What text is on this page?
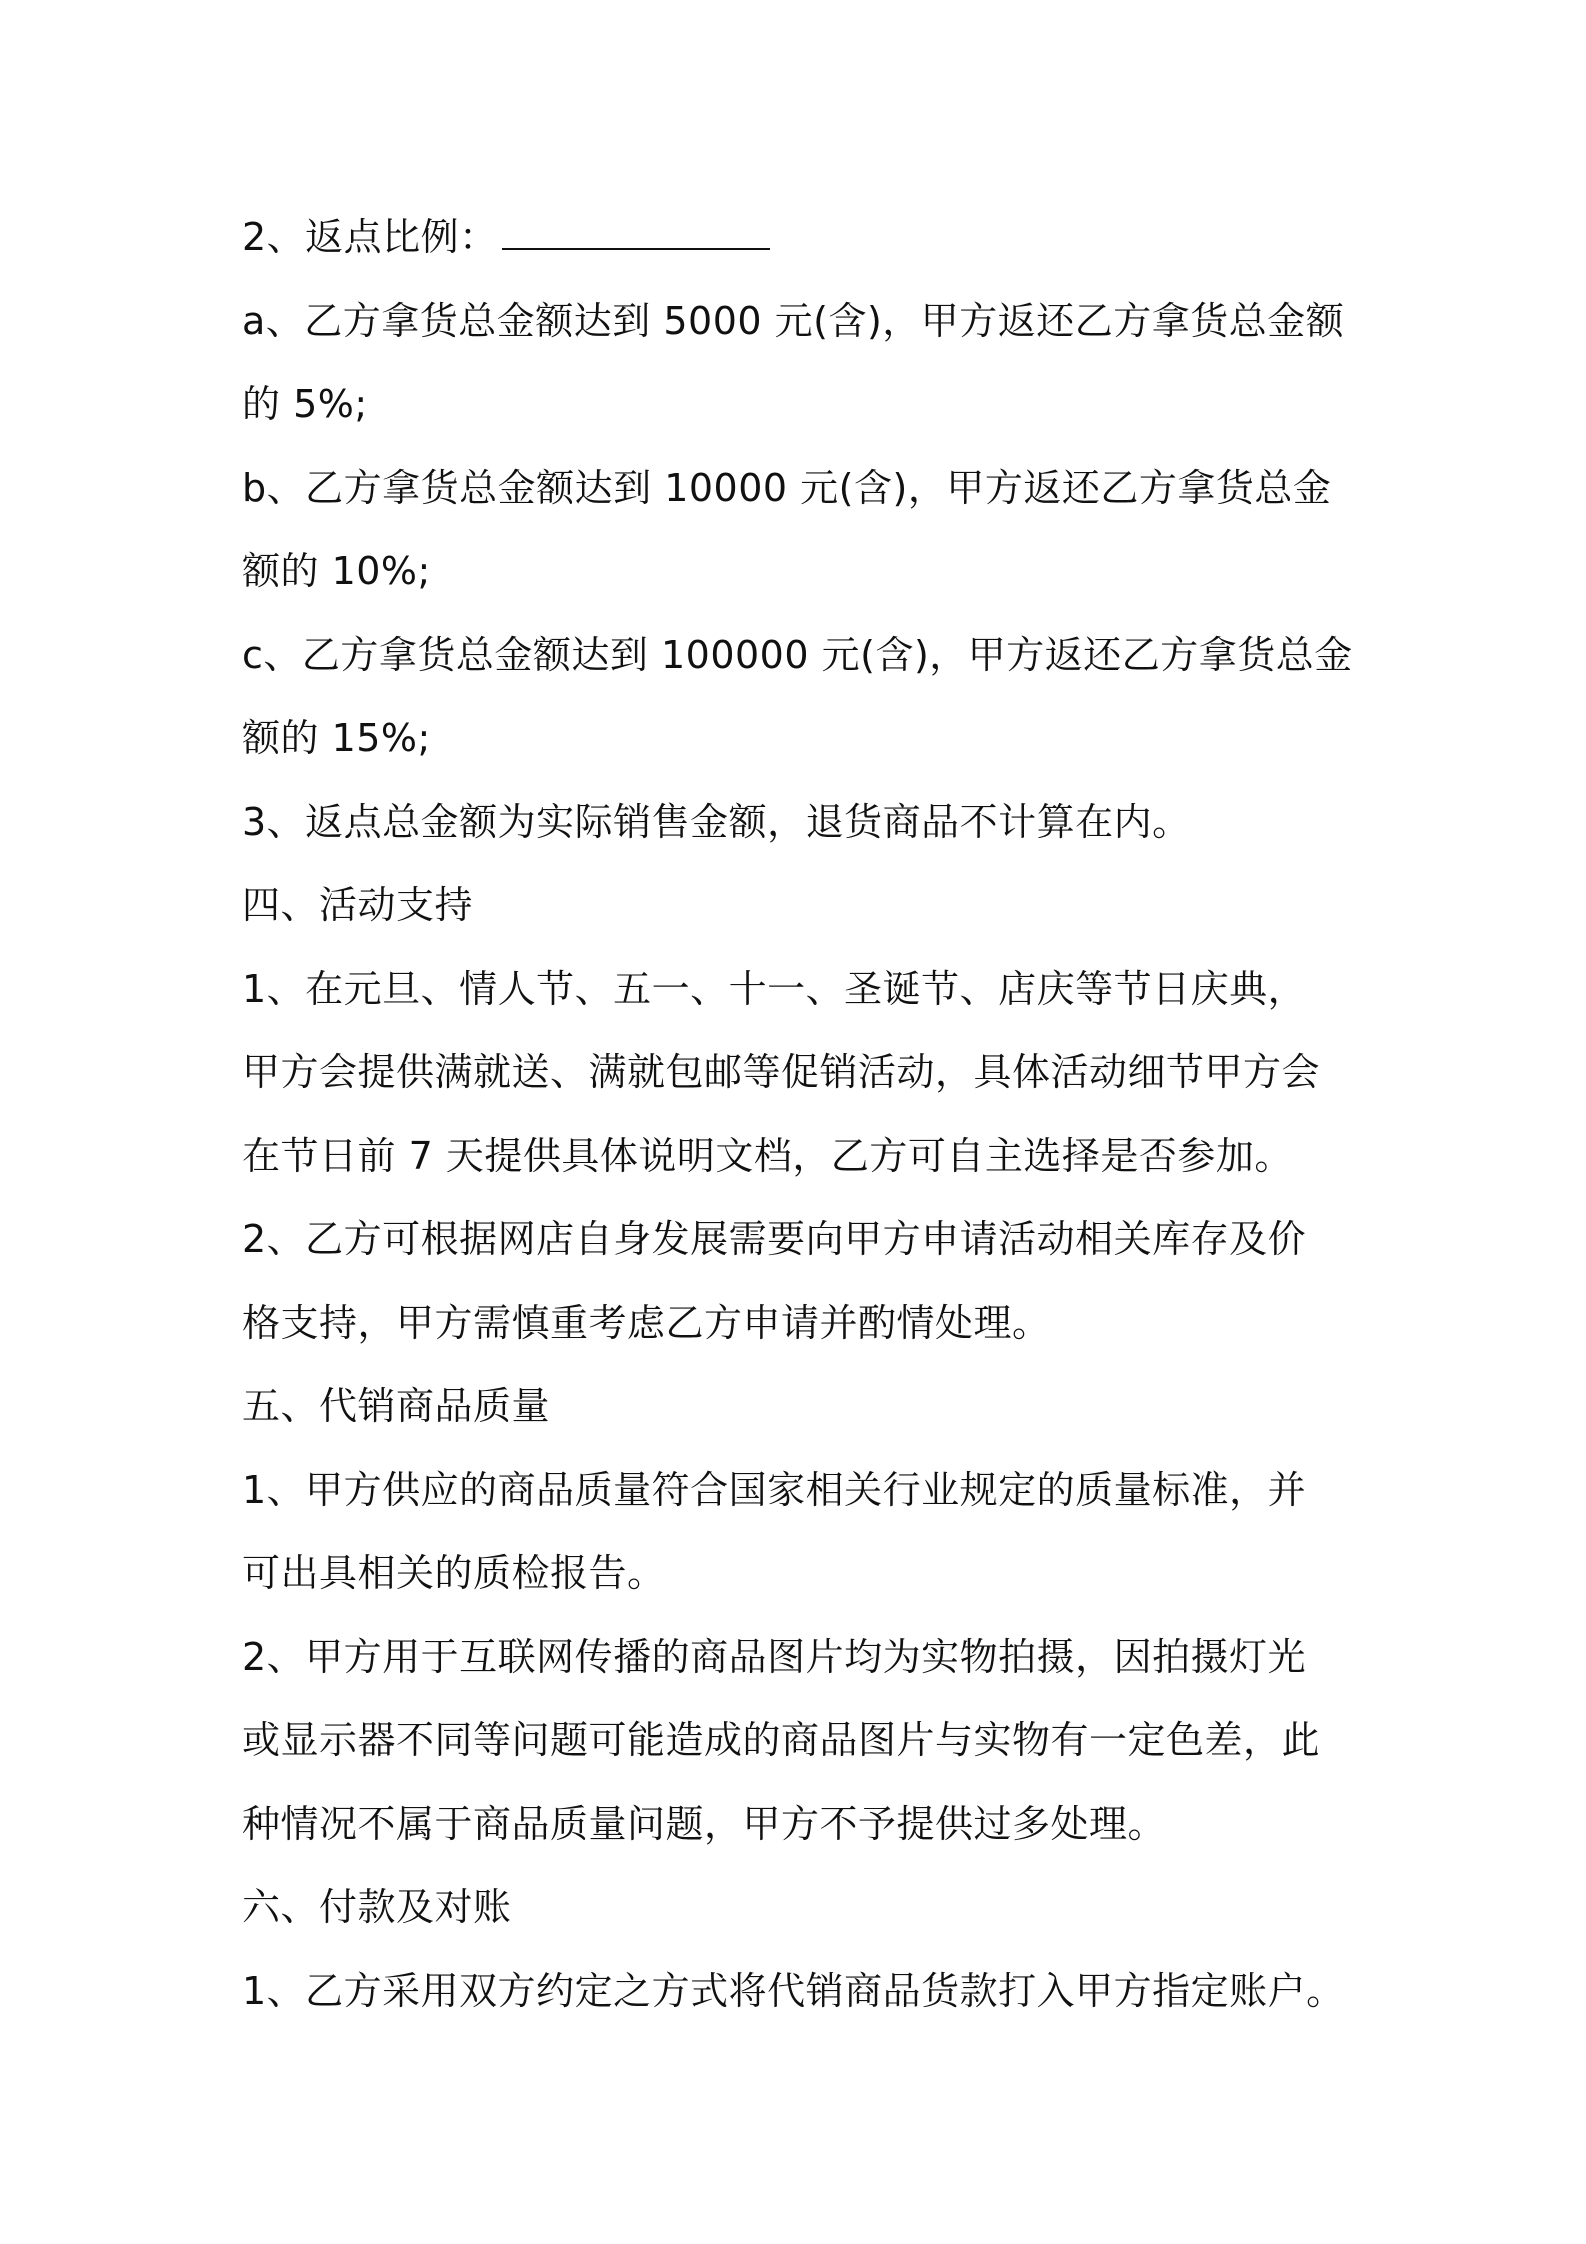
2、返点比例：
a、乙方拿货总金额达到 5000 元(含)，甲方返还乙方拿货总金额
的 5%;
b、乙方拿货总金额达到 10000 元(含)，甲方返还乙方拿货总金
额的 10%;
c、乙方拿货总金额达到 100000 元(含)，甲方返还乙方拿货总金
额的 15%;
3、返点总金额为实际销售金额，退货商品不计算在内。
四、活动支持
1、在元旦、情人节、五一、十一、圣诞节、店庆等节日庆典，
甲方会提供满就送、满就包邮等促销活动，具体活动细节甲方会
在节日前 7 天提供具体说明文档，乙方可自主选择是否参加。
2、乙方可根据网店自身发展需要向甲方申请活动相关库存及价
格支持，甲方需慎重考虑乙方申请并酌情处理。
五、代销商品质量
1、甲方供应的商品质量符合国家相关行业规定的质量标准，并
可出具相关的质检报告。
2、甲方用于互联网传播的商品图片均为实物拍摄，因拍摄灯光
或显示器不同等问题可能造成的商品图片与实物有一定色差，此
种情况不属于商品质量问题，甲方不予提供过多处理。
六、付款及对账
1、乙方采用双方约定之方式将代销商品货款打入甲方指定账户。
